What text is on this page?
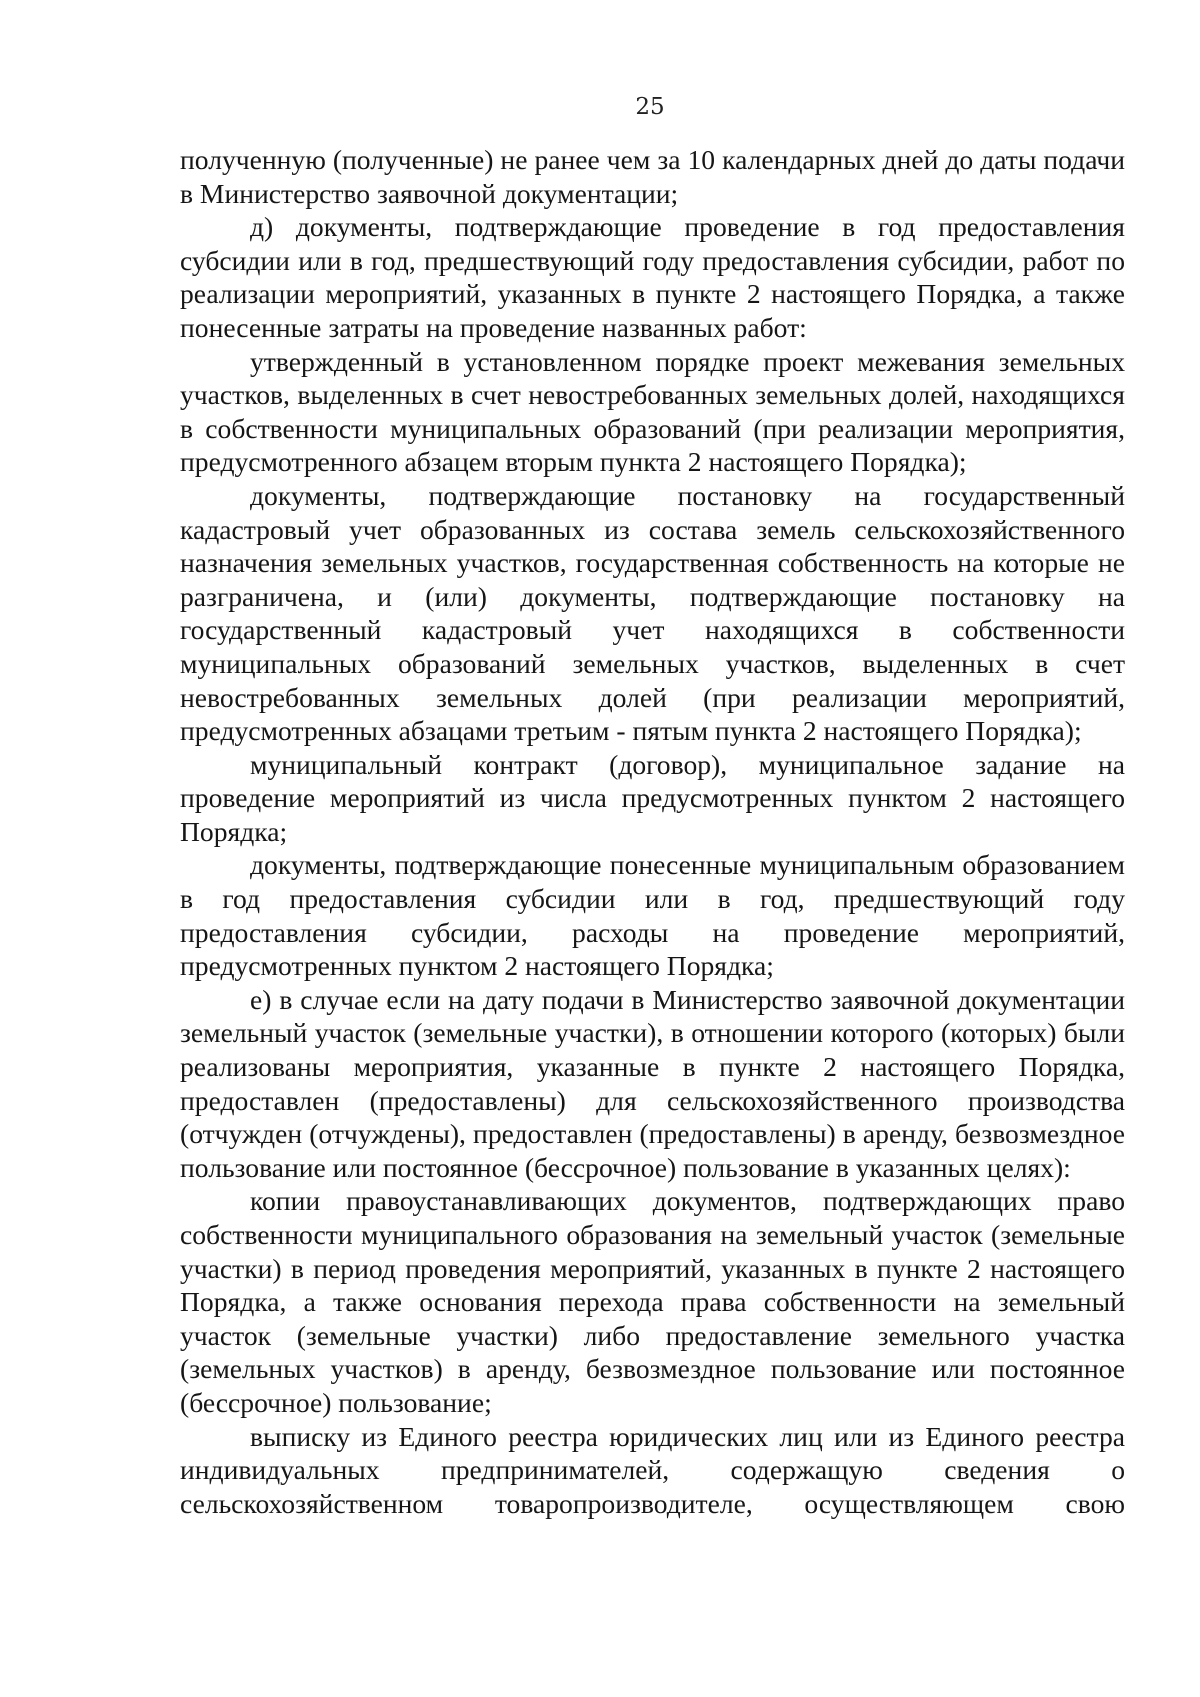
25

полученную (полученные) не ранее чем за 10 календарных дней до даты подачи в Министерство заявочной документации;

д) документы, подтверждающие проведение в год предоставления субсидии или в год, предшествующий году предоставления субсидии, работ по реализации мероприятий, указанных в пункте 2 настоящего Порядка, а также понесенные затраты на проведение названных работ:

утвержденный в установленном порядке проект межевания земельных участков, выделенных в счет невостребованных земельных долей, находящихся в собственности муниципальных образований (при реализации мероприятия, предусмотренного абзацем вторым пункта 2 настоящего Порядка);

документы, подтверждающие постановку на государственный кадастровый учет образованных из состава земель сельскохозяйственного назначения земельных участков, государственная собственность на которые не разграничена, и (или) документы, подтверждающие постановку на государственный кадастровый учет находящихся в собственности муниципальных образований земельных участков, выделенных в счет невостребованных земельных долей (при реализации мероприятий, предусмотренных абзацами третьим - пятым пункта 2 настоящего Порядка);

муниципальный контракт (договор), муниципальное задание на проведение мероприятий из числа предусмотренных пунктом 2 настоящего Порядка;

документы, подтверждающие понесенные муниципальным образованием в год предоставления субсидии или в год, предшествующий году предоставления субсидии, расходы на проведение мероприятий, предусмотренных пунктом 2 настоящего Порядка;

е) в случае если на дату подачи в Министерство заявочной документации земельный участок (земельные участки), в отношении которого (которых) были реализованы мероприятия, указанные в пункте 2 настоящего Порядка, предоставлен (предоставлены) для сельскохозяйственного производства (отчужден (отчуждены), предоставлен (предоставлены) в аренду, безвозмездное пользование или постоянное (бессрочное) пользование в указанных целях):

копии правоустанавливающих документов, подтверждающих право собственности муниципального образования на земельный участок (земельные участки) в период проведения мероприятий, указанных в пункте 2 настоящего Порядка, а также основания перехода права собственности на земельный участок (земельные участки) либо предоставление земельного участка (земельных участков) в аренду, безвозмездное пользование или постоянное (бессрочное) пользование;

выписку из Единого реестра юридических лиц или из Единого реестра индивидуальных предпринимателей, содержащую сведения о сельскохозяйственном товаропроизводителе, осуществляющем свою
